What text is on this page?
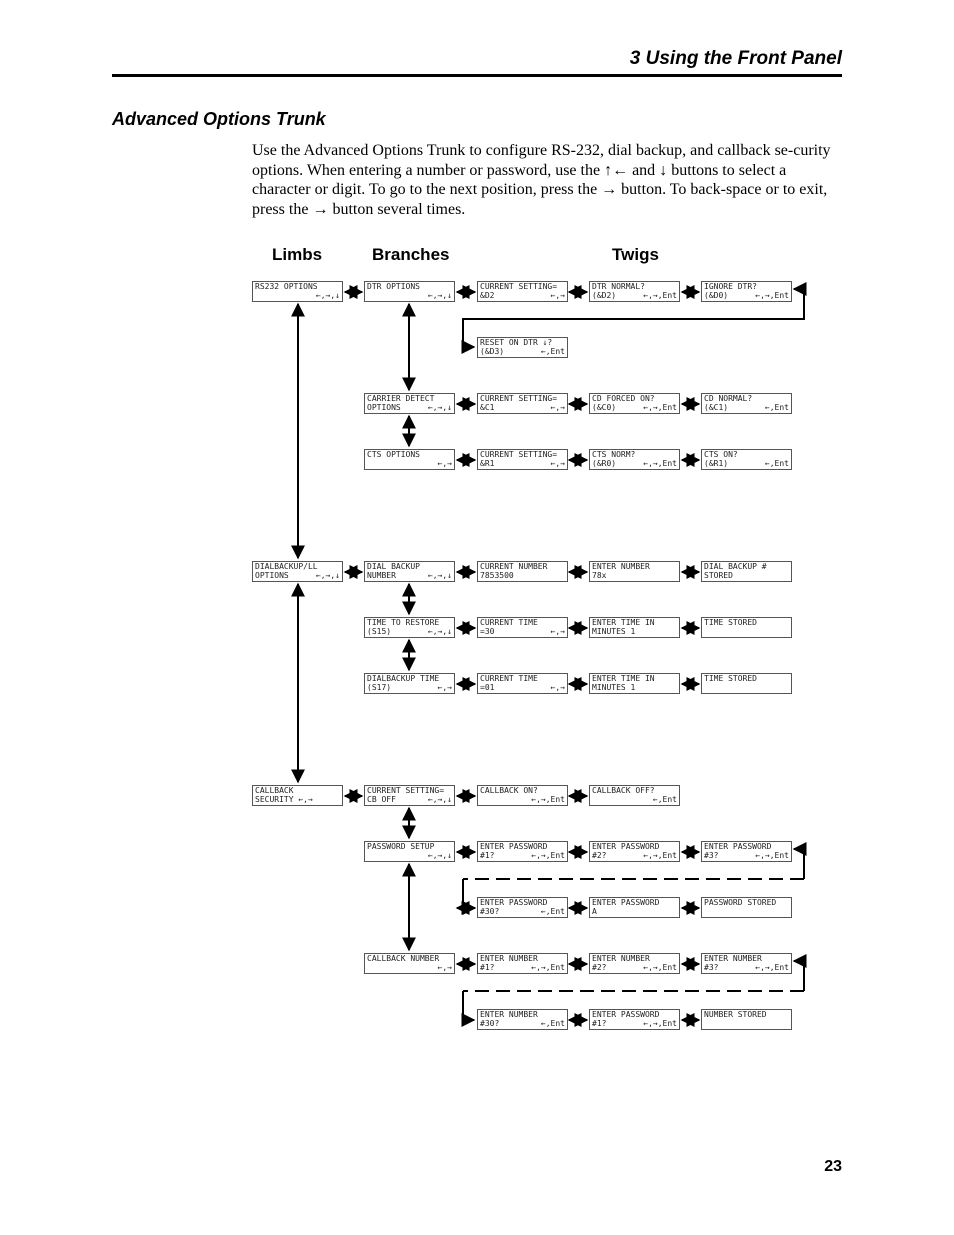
3 Using the Front Panel
Advanced Options Trunk
Use the Advanced Options Trunk to configure RS-232, dial backup, and callback se-curity options. When entering a number or password, use the ↑← and ↓ buttons to select a character or digit. To go to the next position, press the → button. To back-space or to exit, press the → button several times.
Limbs	Branches	Twigs
RS232 OPTIONS
←,→,↓
DIALBACKUP/LL
OPTIONS	←,→,↓
CALLBACK
SECURITY ←,→
DTR OPTIONS
←,→,↓
CARRIER DETECT
OPTIONS	←,→,↓
CTS OPTIONS
←,→
DIAL BACKUP
NUMBER	←,→,↓
TIME TO RESTORE
(S15)	←,→,↓
DIALBACKUP TIME
(S17)	←,→
CURRENT SETTING=
CB OFF	←,→,↓
PASSWORD SETUP
←,→,↓
CALLBACK NUMBER
←,→
CURRENT SETTING=
&D2	←,→
RESET ON DTR ↓?
(&D3)	←,Ent
CURRENT SETTING=
&C1	←,→
CURRENT SETTING=
&R1	←,→
CURRENT NUMBER
7853500
CURRENT TIME
=30	←,→
CURRENT TIME
=01	←,→
CALLBACK ON?
←,→,Ent
ENTER PASSWORD
#1?	←,→,Ent
ENTER PASSWORD
#30?	←,Ent
ENTER NUMBER
#1?	←,→,Ent
ENTER NUMBER
#30?	←,Ent
DTR NORMAL?
(&D2)	←,→,Ent
CD FORCED ON?
(&C0)	←,→,Ent
CTS NORM?
(&R0)	←,→,Ent
ENTER NUMBER
78x
ENTER TIME IN
MINUTES 1
ENTER TIME IN
MINUTES 1
CALLBACK OFF?
←,Ent
ENTER PASSWORD
#2?	←,→,Ent
ENTER PASSWORD
A
ENTER NUMBER
#2?	←,→,Ent
ENTER PASSWORD
#1?	←,→,Ent
IGNORE DTR?
(&D0)	←,→,Ent
CD NORMAL?
(&C1)	←,Ent
CTS ON?
(&R1)	←,Ent
DIAL BACKUP #
STORED
TIME STORED
TIME STORED
ENTER PASSWORD
#3?	←,→,Ent
PASSWORD STORED
ENTER NUMBER
#3?	←,→,Ent
NUMBER STORED
23
